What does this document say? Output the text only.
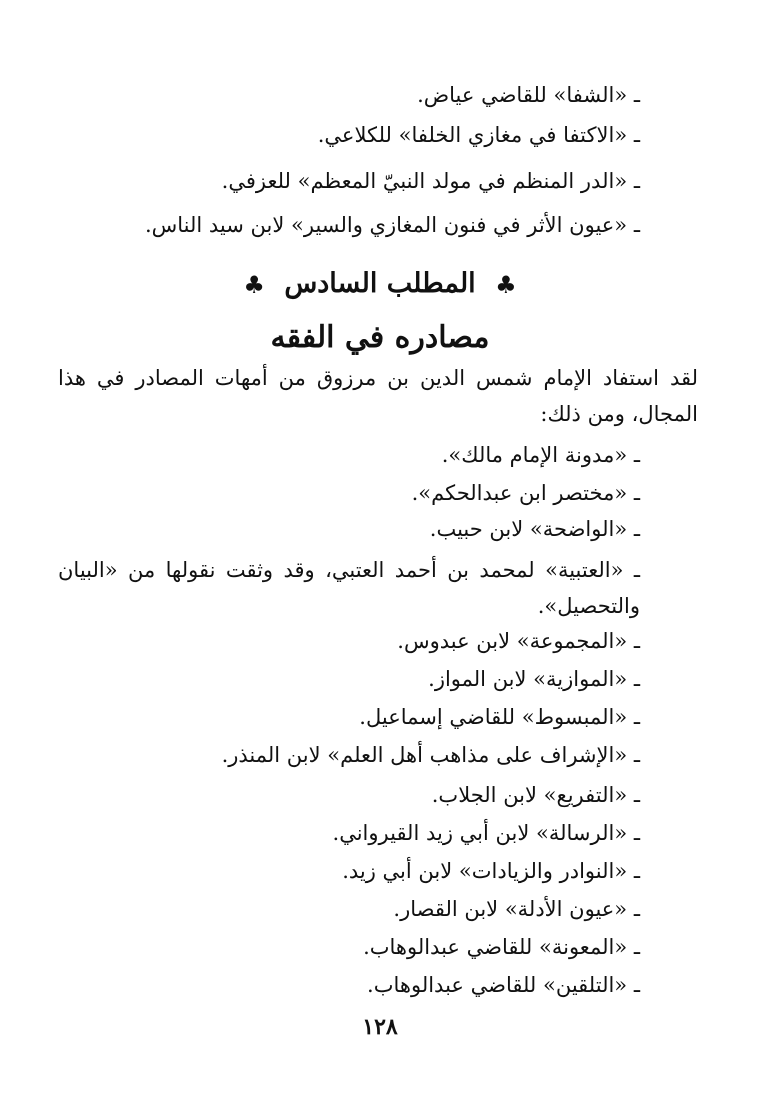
ـ «الشفا» للقاضي عياض.
ـ «الاكتفا في مغازي الخلفا» للكلاعي.
ـ «الدر المنظم في مولد النبيّ المعظم» للعزفي.
ـ «عيون الأثر في فنون المغازي والسير» لابن سيد الناس.
♣ المطلب السادس ♣
مصادره في الفقه
لقد استفاد الإمام شمس الدين بن مرزوق من أمهات المصادر في هذا المجال، ومن ذلك:
ـ «مدونة الإمام مالك».
ـ «مختصر ابن عبدالحكم».
ـ «الواضحة» لابن حبيب.
ـ «العتبية» لمحمد بن أحمد العتبي، وقد وثقت نقولها من «البيان والتحصيل».
ـ «المجموعة» لابن عبدوس.
ـ «الموازية» لابن المواز.
ـ «المبسوط» للقاضي إسماعيل.
ـ «الإشراف على مذاهب أهل العلم» لابن المنذر.
ـ «التفريع» لابن الجلاب.
ـ «الرسالة» لابن أبي زيد القيرواني.
ـ «النوادر والزيادات» لابن أبي زيد.
ـ «عيون الأدلة» لابن القصار.
ـ «المعونة» للقاضي عبدالوهاب.
ـ «التلقين» للقاضي عبدالوهاب.
١٢٨
